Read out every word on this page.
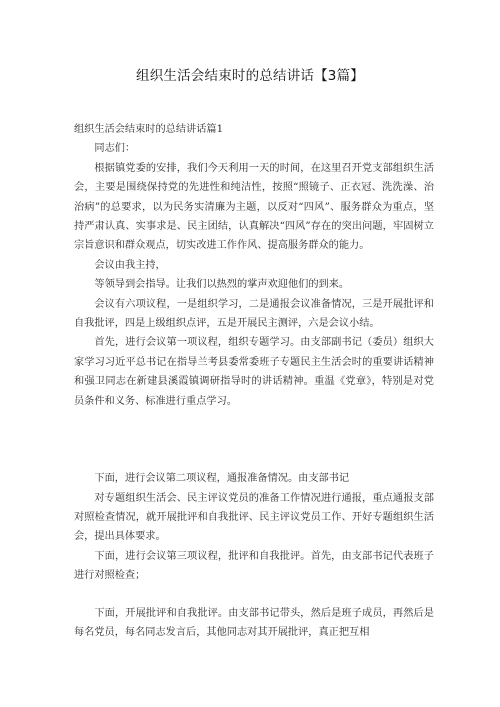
组织生活会结束时的总结讲话【3篇】

组织生活会结束时的总结讲话篇1

同志们：

根据镇党委的安排，我们今天利用一天的时间，在这里召开党支部组织生活会，主要是围绕保持党的先进性和纯洁性，按照“照镜子、正衣冠、洗洗澡、治治病”的总要求，以为民务实清廉为主题，以反对“四风”、服务群众为重点，坚持严肃认真、实事求是、民主团结，认真解决“四风”存在的突出问题，牢固树立宗旨意识和群众观点，切实改进工作作风、提高服务群众的能力。

会议由我主持，

等领导到会指导。让我们以热烈的掌声欢迎他们的到来。

会议有六项议程，一是组织学习，二是通报会议准备情况，三是开展批评和自我批评，四是上级组织点评，五是开展民主测评，六是会议小结。

首先，进行会议第一项议程，组织专题学习。由支部副书记（委员）组织大家学习习近平总书记在指导兰考县委常委班子专题民主生活会时的重要讲话精神和强卫同志在新建县溪霞镇调研指导时的讲话精神。重温《党章》，特别是对党员条件和义务、标准进行重点学习。

下面，进行会议第二项议程，通报准备情况。由支部书记

对专题组织生活会、民主评议党员的准备工作情况进行通报，重点通报支部对照检查情况，就开展批评和自我批评、民主评议党员工作、开好专题组织生活会，提出具体要求。

下面，进行会议第三项议程，批评和自我批评。首先，由支部书记代表班子进行对照检查；

下面，开展批评和自我批评。由支部书记带头，然后是班子成员，再然后是每名党员，每名同志发言后，其他同志对其开展批评，真正把互相
